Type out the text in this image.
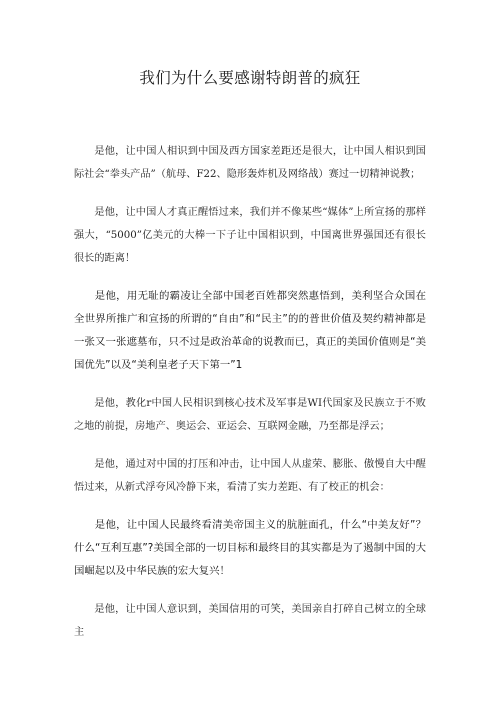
我们为什么要感谢特朗普的疯狂

是他，让中国人相识到中国及西方国家差距还是很大，让中国人相识到国际社会“拳头产品”（航母、F22、隐形轰炸机及网络战）赛过一切精神说教；

是他，让中国人才真正醒悟过来，我们并不像某些“媒体”上所宣扬的那样强大，“5000”亿美元的大棒一下子让中国相识到，中国离世界强国还有很长很长的距离！

是他，用无耻的霸凌让全部中国老百姓都突然惠悟到，美利坚合众国在全世界所推广和宣扬的所谓的“自由”和“民主”的的普世价值及契约精神都是一张又一张遮墓布，只不过是政治革命的说教而已，真正的美国价值则是“美国优先”以及“美利皇老子天下第一”1

是他，教化r中国人民相识到核心技术及军事是WI代国家及民族立于不败之地的前提，房地产、奥运会、亚运会、互联网金融，乃至都是浮云；

是他，通过对中国的打压和冲击，让中国人从虚荣、膨胀、傲慢自大中醒悟过来，从新式浮夸风冷静下来，看清了实力差距、有了校正的机会：

是他，让中国人民最终看清美帝国主义的肮脏面孔，什么“中美友好”？什么“互利互惠”?美国全部的一切目标和最终目的其实都是为了遏制中国的大国崛起以及中华民族的宏大复兴！

是他，让中国人意识到，美国信用的可笑，美国亲自打碎自己树立的全球主
